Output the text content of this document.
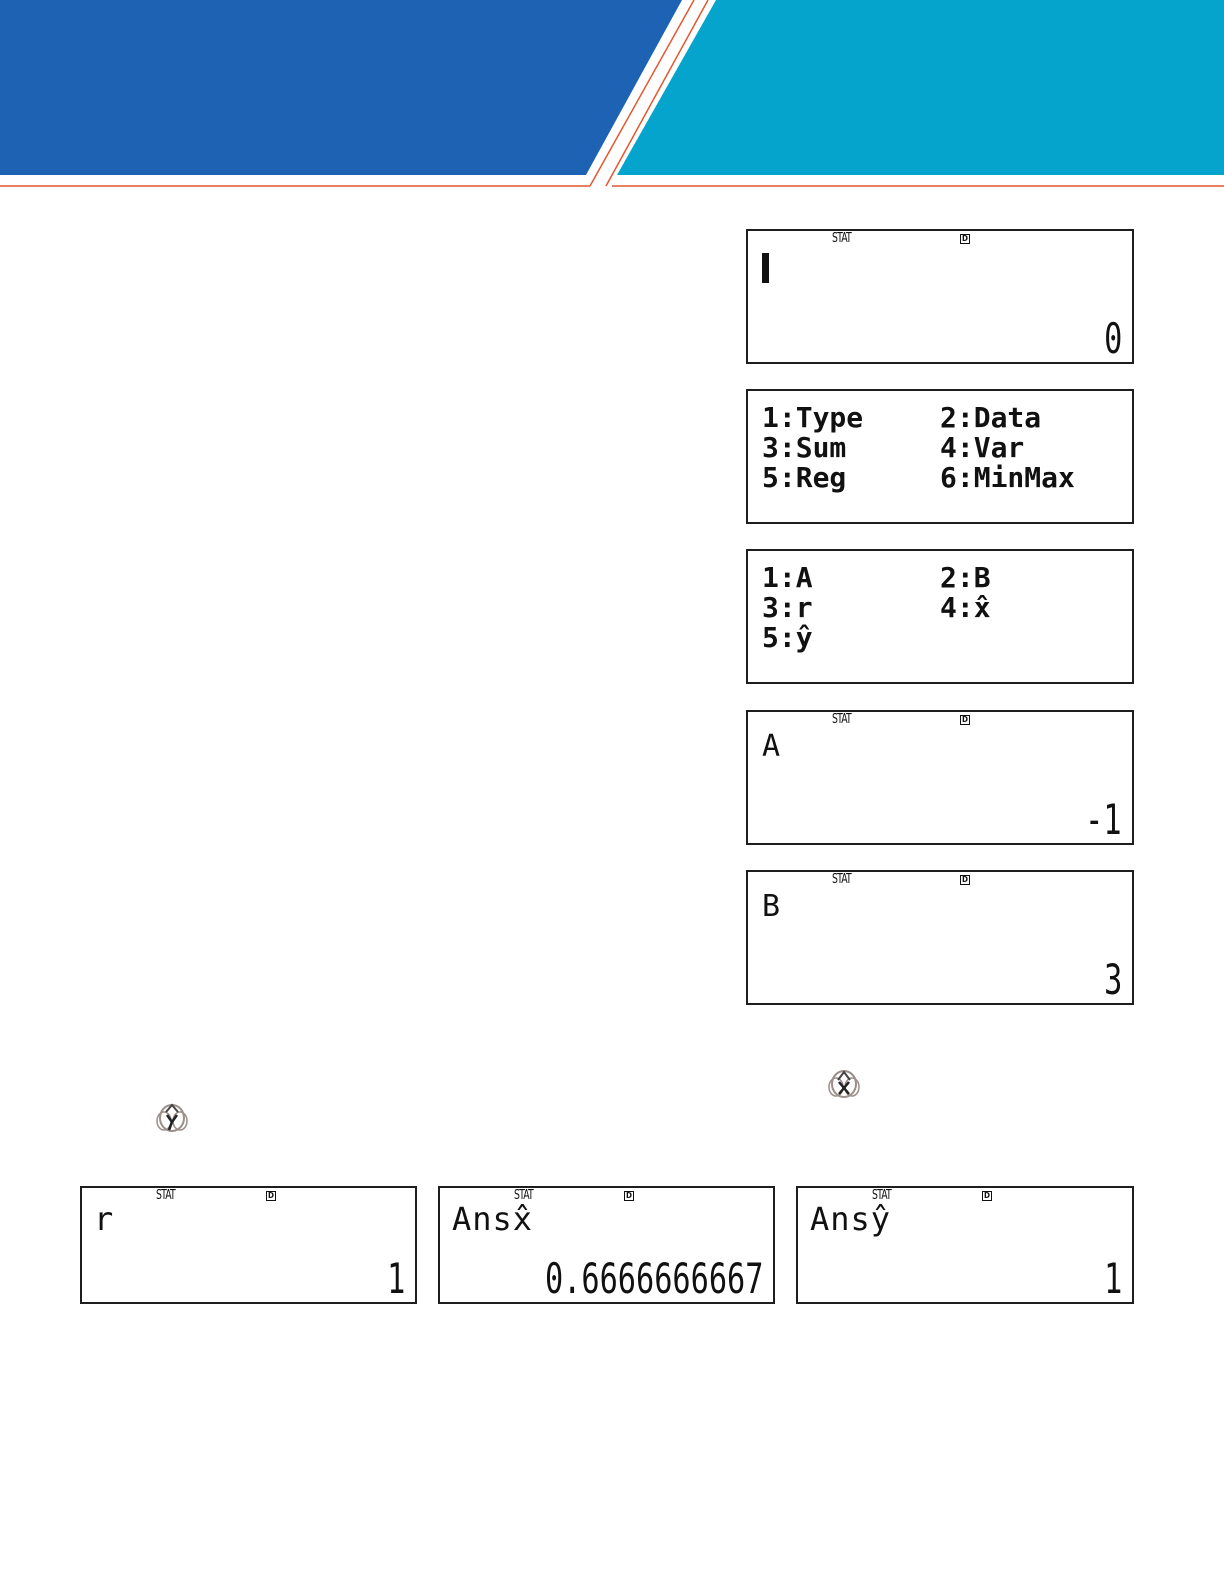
STAT	D
0
1:Type	2:Data
3:Sum	4:Var
5:Reg	6:MinMax
1:A	2:B
3:r	4:x̂
5:ŷ
STAT	D
A
-1
STAT	D
B
3
STAT	D
r
1
STAT	D
Ansx̂
0.6666666667
STAT	D
Ansŷ
1
